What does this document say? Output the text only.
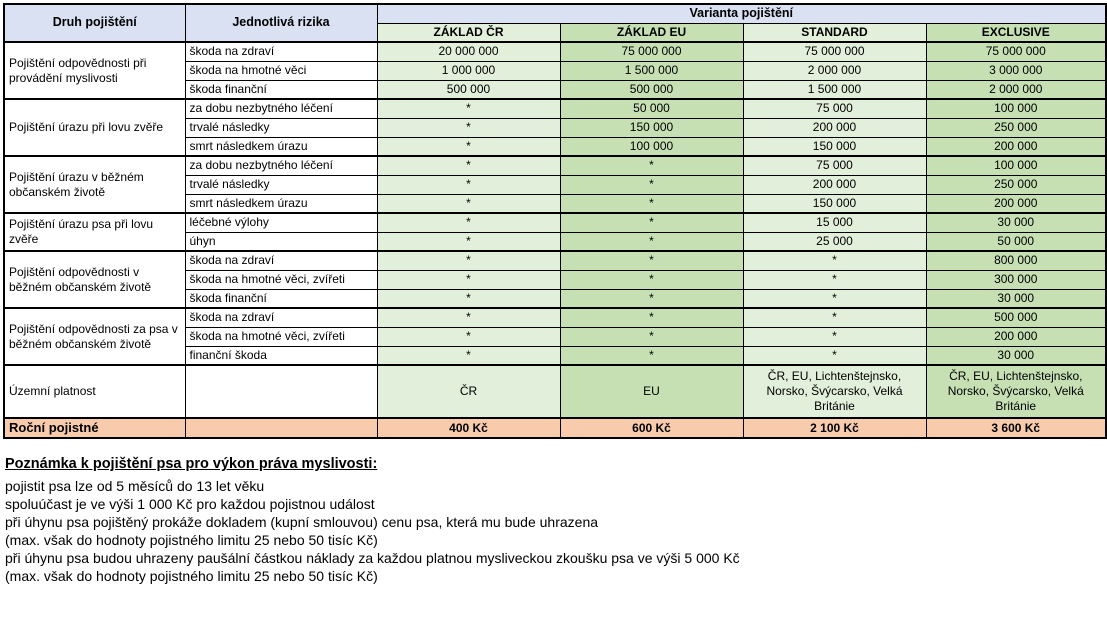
Druh pojištění	Jednotlivá rizika	Varianta pojištění			
		ZÁKLAD ČR	ZÁKLAD EU	STANDARD	EXCLUSIVE
Pojištění odpovědnosti při provádění myslivosti	škoda na zdraví	20 000 000	75 000 000	75 000 000	75 000 000
	škoda na hmotné věci	1 000 000	1 500 000	2 000 000	3 000 000
	škoda finanční	500 000	500 000	1 500 000	2 000 000
Pojištění úrazu při lovu zvěře	za dobu nezbytného léčení	*	50 000	75 000	100 000
	trvalé následky	*	150 000	200 000	250 000
	smrt následkem úrazu	*	100 000	150 000	200 000
Pojištění úrazu v běžném občanském životě	za dobu nezbytného léčení	*	*	75 000	100 000
	trvalé následky	*	*	200 000	250 000
	smrt následkem úrazu	*	*	150 000	200 000
Pojištění úrazu psa při lovu zvěře	léčebné výlohy	*	*	15 000	30 000
	úhyn	*	*	25 000	50 000
Pojištění odpovědnosti v běžném občanském životě	škoda na zdraví	*	*	*	800 000
	škoda na hmotné věci, zvířeti	*	*	*	300 000
	škoda finanční	*	*	*	30 000
Pojištění odpovědnosti za psa v běžném občanském životě	škoda na zdraví	*	*	*	500 000
	škoda na hmotné věci, zvířeti	*	*	*	200 000
	finanční škoda	*	*	*	30 000
Územní platnost		ČR	EU	ČR, EU, Lichtenštejnsko, Norsko, Švýcarsko, Velká Británie	ČR, EU, Lichtenštejnsko, Norsko, Švýcarsko, Velká Británie
Roční pojistné		400 Kč	600 Kč	2 100 Kč	3 600 Kč
Poznámka k pojištění psa pro výkon práva myslivosti:
pojistit psa lze od 5 měsíců do 13 let věku
spoluúčast je ve výši 1 000 Kč pro každou pojistnou událost
při úhynu psa pojištěný prokáže dokladem (kupní smlouvou) cenu psa, která mu bude uhrazena
(max. však do hodnoty pojistného limitu 25 nebo 50 tisíc Kč)
při úhynu psa budou uhrazeny paušální částkou náklady za každou platnou mysliveckou zkoušku psa ve výši 5 000 Kč
(max. však do hodnoty pojistného limitu 25 nebo 50 tisíc Kč)
